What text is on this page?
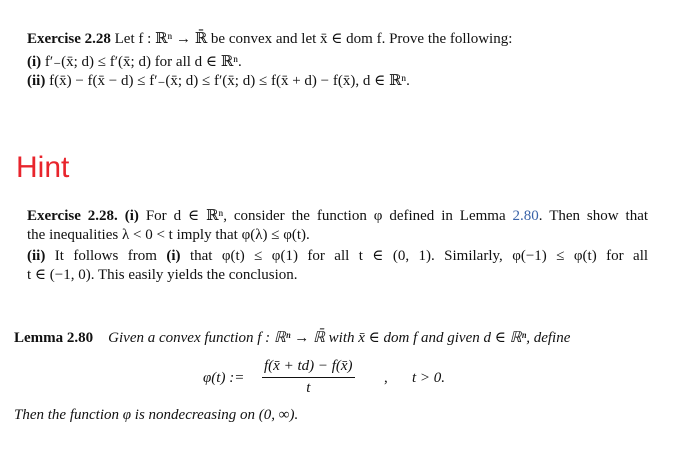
Exercise 2.28 Let f : ℝⁿ → ℝ̄ be convex and let x̄ ∈ dom f. Prove the following:
(i) f′₋(x̄; d) ≤ f′(x̄; d) for all d ∈ ℝⁿ.
(ii) f(x̄) − f(x̄ − d) ≤ f′₋(x̄; d) ≤ f′(x̄; d) ≤ f(x̄ + d) − f(x̄), d ∈ ℝⁿ.
Hint
Exercise 2.28. (i) For d ∈ ℝⁿ, consider the function φ defined in Lemma 2.80. Then show that
the inequalities λ < 0 < t imply that φ(λ) ≤ φ(t).
(ii) It follows from (i) that φ(t) ≤ φ(1) for all t ∈ (0, 1). Similarly, φ(−1) ≤ φ(t) for all
t ∈ (−1, 0). This easily yields the conclusion.
Lemma 2.80 Given a convex function f : ℝⁿ → ℝ̄ with x̄ ∈ dom f and given d ∈ ℝⁿ, define
φ(t) :=
f(x̄ + td) − f(x̄)
t
, t > 0.
Then the function φ is nondecreasing on (0, ∞).
